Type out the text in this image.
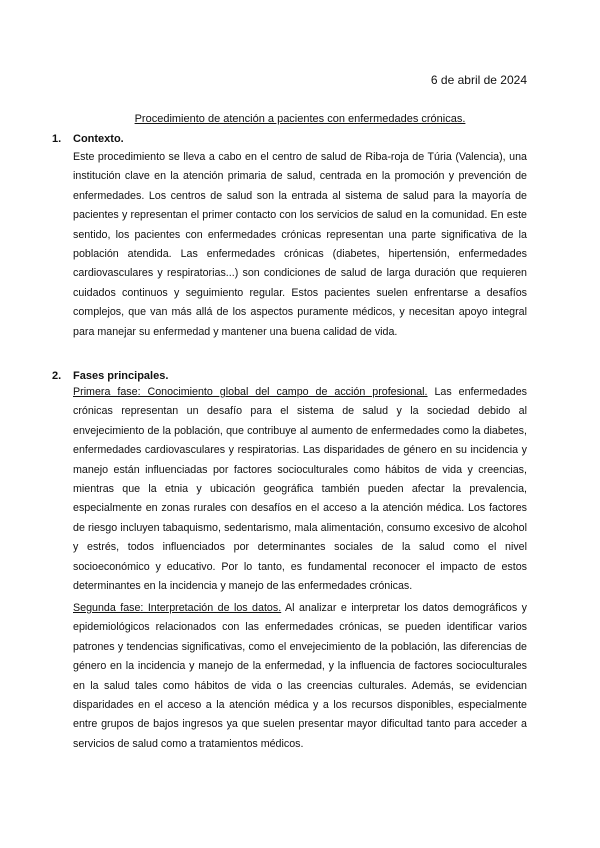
6 de abril de 2024
Procedimiento de atención a pacientes con enfermedades crónicas.
1. Contexto.

Este procedimiento se lleva a cabo en el centro de salud de Riba-roja de Túria (Valencia), una institución clave en la atención primaria de salud, centrada en la promoción y prevención de enfermedades. Los centros de salud son la entrada al sistema de salud para la mayoría de pacientes y representan el primer contacto con los servicios de salud en la comunidad. En este sentido, los pacientes con enfermedades crónicas representan una parte significativa de la población atendida. Las enfermedades crónicas (diabetes, hipertensión, enfermedades cardiovasculares y respiratorias...) son condiciones de salud de larga duración que requieren cuidados continuos y seguimiento regular. Estos pacientes suelen enfrentarse a desafíos complejos, que van más allá de los aspectos puramente médicos, y necesitan apoyo integral para manejar su enfermedad y mantener una buena calidad de vida.

2. Fases principales.

Primera fase: Conocimiento global del campo de acción profesional. Las enfermedades crónicas representan un desafío para el sistema de salud y la sociedad debido al envejecimiento de la población, que contribuye al aumento de enfermedades como la diabetes, enfermedades cardiovasculares y respiratorias. Las disparidades de género en su incidencia y manejo están influenciadas por factores socioculturales como hábitos de vida y creencias, mientras que la etnia y ubicación geográfica también pueden afectar la prevalencia, especialmente en zonas rurales con desafíos en el acceso a la atención médica. Los factores de riesgo incluyen tabaquismo, sedentarismo, mala alimentación, consumo excesivo de alcohol y estrés, todos influenciados por determinantes sociales de la salud como el nivel socioeconómico y educativo. Por lo tanto, es fundamental reconocer el impacto de estos determinantes en la incidencia y manejo de las enfermedades crónicas.

Segunda fase: Interpretación de los datos. Al analizar e interpretar los datos demográficos y epidemiológicos relacionados con las enfermedades crónicas, se pueden identificar varios patrones y tendencias significativas, como el envejecimiento de la población, las diferencias de género en la incidencia y manejo de la enfermedad, y la influencia de factores socioculturales en la salud tales como hábitos de vida o las creencias culturales. Además, se evidencian disparidades en el acceso a la atención médica y a los recursos disponibles, especialmente entre grupos de bajos ingresos ya que suelen presentar mayor dificultad tanto para acceder a servicios de salud como a tratamientos médicos.
